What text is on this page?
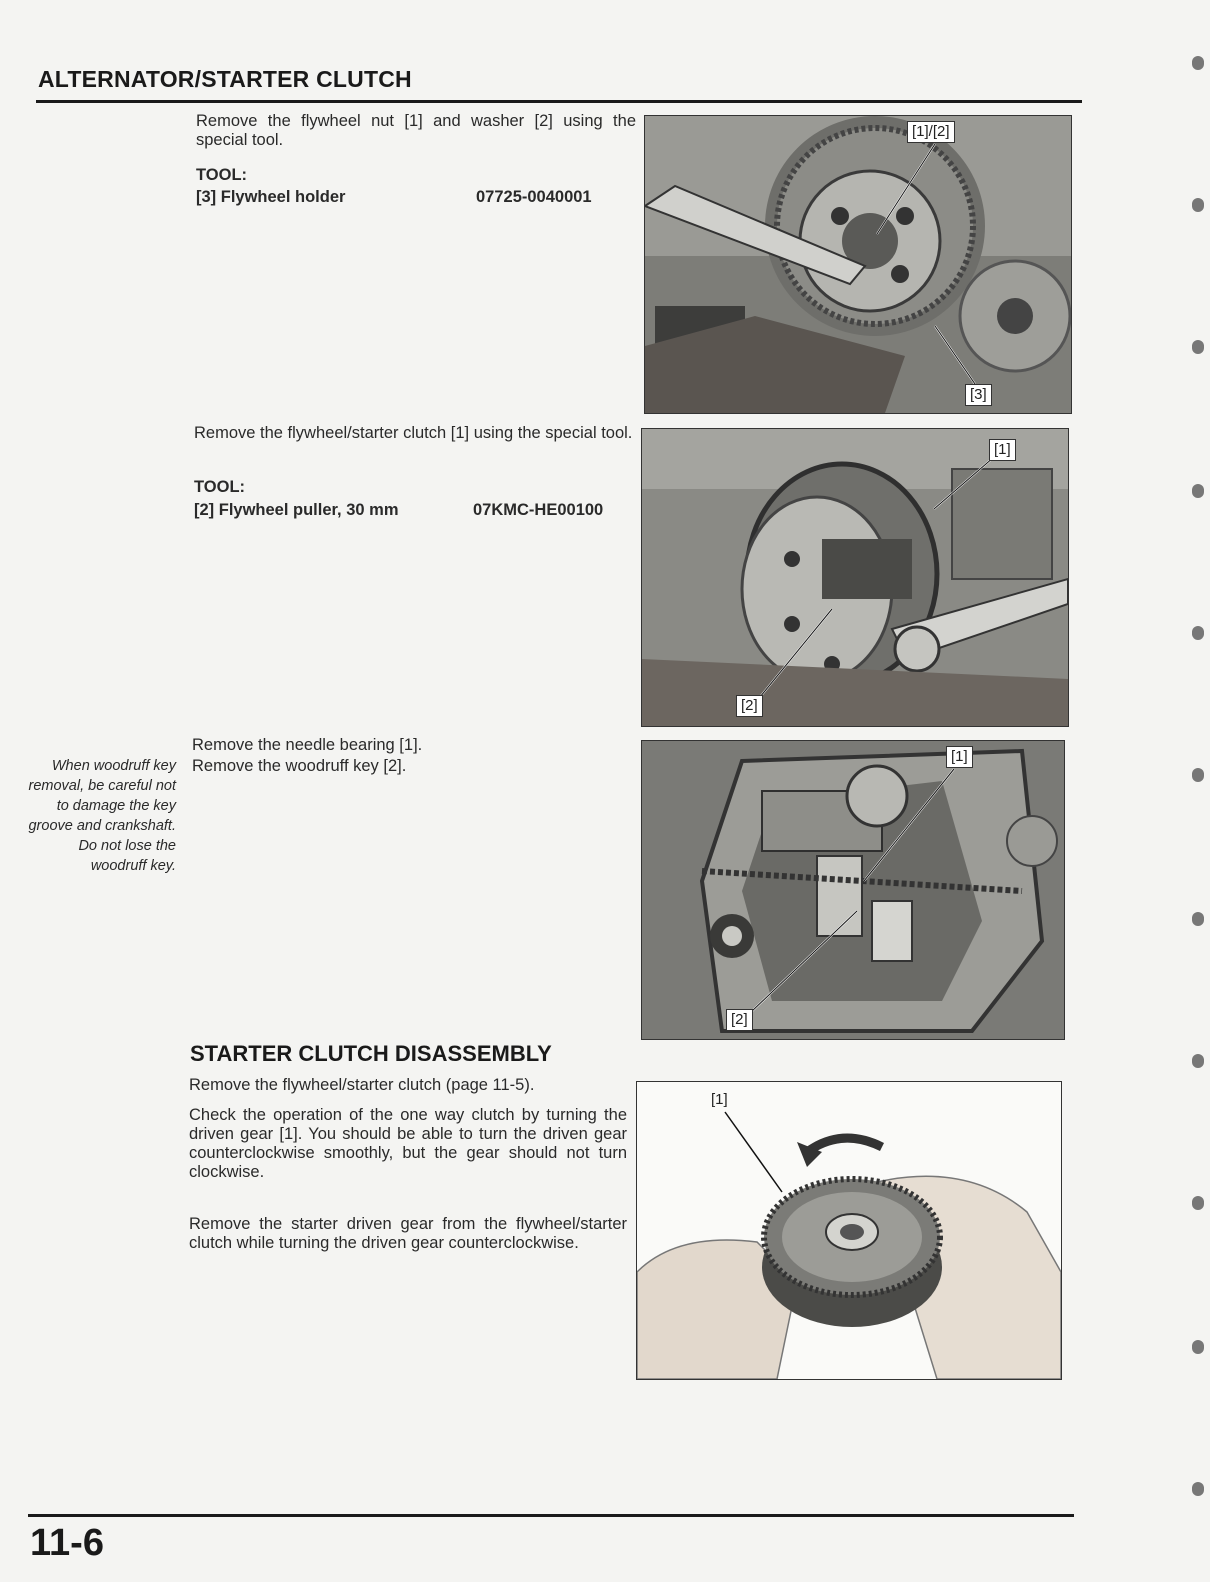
ALTERNATOR/STARTER CLUTCH
Remove the flywheel nut [1] and washer [2] using the special tool.
TOOL:
[3] Flywheel holder	07725-0040001
[1]/[2]
[3]
Remove the flywheel/starter clutch [1] using the special tool.
TOOL:
[2] Flywheel puller, 30 mm	07KMC-HE00100
[1]
[2]
Remove the needle bearing [1].
Remove the woodruff key [2].
When woodruff key removal, be careful not to damage the key groove and crankshaft. Do not lose the woodruff key.
[1]
[2]
STARTER CLUTCH DISASSEMBLY
Remove the flywheel/starter clutch (page 11-5).
Check the operation of the one way clutch by turning the driven gear [1]. You should be able to turn the driven gear counterclockwise smoothly, but the gear should not turn clockwise.
Remove the starter driven gear from the flywheel/starter clutch while turning the driven gear counterclockwise.
[1]
11-6
